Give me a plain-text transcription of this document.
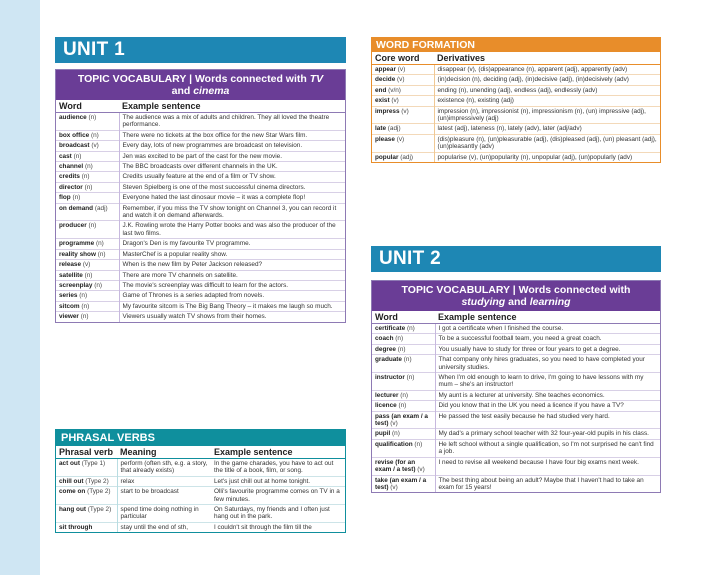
UNIT 1
TOPIC VOCABULARY | Words connected with TV
and cinema
Word	Example sentence
audience (n)	The audience was a mix of adults and children. They all loved the theatre performance.
box office (n)	There were no tickets at the box office for the new Star Wars film.
broadcast (v)	Every day, lots of new programmes are broadcast on television.
cast (n)	Jen was excited to be part of the cast for the new movie.
channel (n)	The BBC broadcasts over different channels in the UK.
credits (n)	Credits usually feature at the end of a film or TV show.
director (n)	Steven Spielberg is one of the most successful cinema directors.
flop (n)	Everyone hated the last dinosaur movie – it was a complete flop!
on demand (adj)	Remember, if you miss the TV show tonight on Channel 3, you can record it and watch it on demand afterwards.
producer (n)	J.K. Rowling wrote the Harry Potter books and was also the producer of the last two films.
programme (n)	Dragon's Den is my favourite TV programme.
reality show (n)	MasterChef is a popular reality show.
release (v)	When is the new film by Peter Jackson released?
satellite (n)	There are more TV channels on satellite.
screenplay (n)	The movie's screenplay was difficult to learn for the actors.
series (n)	Game of Thrones is a series adapted from novels.
sitcom (n)	My favourite sitcom is The Big Bang Theory – it makes me laugh so much.
viewer (n)	Viewers usually watch TV shows from their homes.
PHRASAL VERBS
Phrasal verb	Meaning	Example sentence
act out (Type 1)	perform (often sth, e.g. a story, that already exists)	In the game charades, you have to act out the title of a book, film, or song.
chill out (Type 2)	relax	Let's just chill out at home tonight.
come on (Type 2)	start to be broadcast	Olli's favourite programme comes on TV in a few minutes.
hang out (Type 2)	spend time doing nothing in particular	On Saturdays, my friends and I often just hang out in the park.
sit through	stay until the end of sth,	I couldn't sit through the film till the
WORD FORMATION
Core word	Derivatives
appear (v)	disappear (v), (dis)appearance (n), apparent (adj), apparently (adv)
decide (v)	(in)decision (n), deciding (adj), (in)decisive (adj), (in)decisively (adv)
end (v/n)	ending (n), unending (adj), endless (adj), endlessly (adv)
exist (v)	existence (n), existing (adj)
impress (v)	impression (n), impressionist (n), impressionism (n), (un) impressive (adj), (un)impressively (adj)
late (adj)	latest (adj), lateness (n), lately (adv), later (adj/adv)
please (v)	(dis)pleasure (n), (un)pleasurable (adj), (dis)pleased (adj), (un) pleasant (adj), (un)pleasantly (adv)
popular (adj)	popularise (v), (un)popularity (n), unpopular (adj), (un)popularly (adv)
UNIT 2
TOPIC VOCABULARY | Words connected with
studying and learning
Word	Example sentence
certificate (n)	I got a certificate when I finished the course.
coach (n)	To be a successful football team, you need a great coach.
degree (n)	You usually have to study for three or four years to get a degree.
graduate (n)	That company only hires graduates, so you need to have completed your university studies.
instructor (n)	When I'm old enough to learn to drive, I'm going to have lessons with my mum – she's an instructor!
lecturer (n)	My aunt is a lecturer at university. She teaches economics.
licence (n)	Did you know that in the UK you need a licence if you have a TV?
pass (an exam / a test) (v)	He passed the test easily because he had studied very hard.
pupil (n)	My dad's a primary school teacher with 32 four-year-old pupils in his class.
qualification (n)	He left school without a single qualification, so I'm not surprised he can't find a job.
revise (for an exam / a test) (v)	I need to revise all weekend because I have four big exams next week.
take (an exam / a test) (v)	The best thing about being an adult? Maybe that I haven't had to take an exam for 15 years!
